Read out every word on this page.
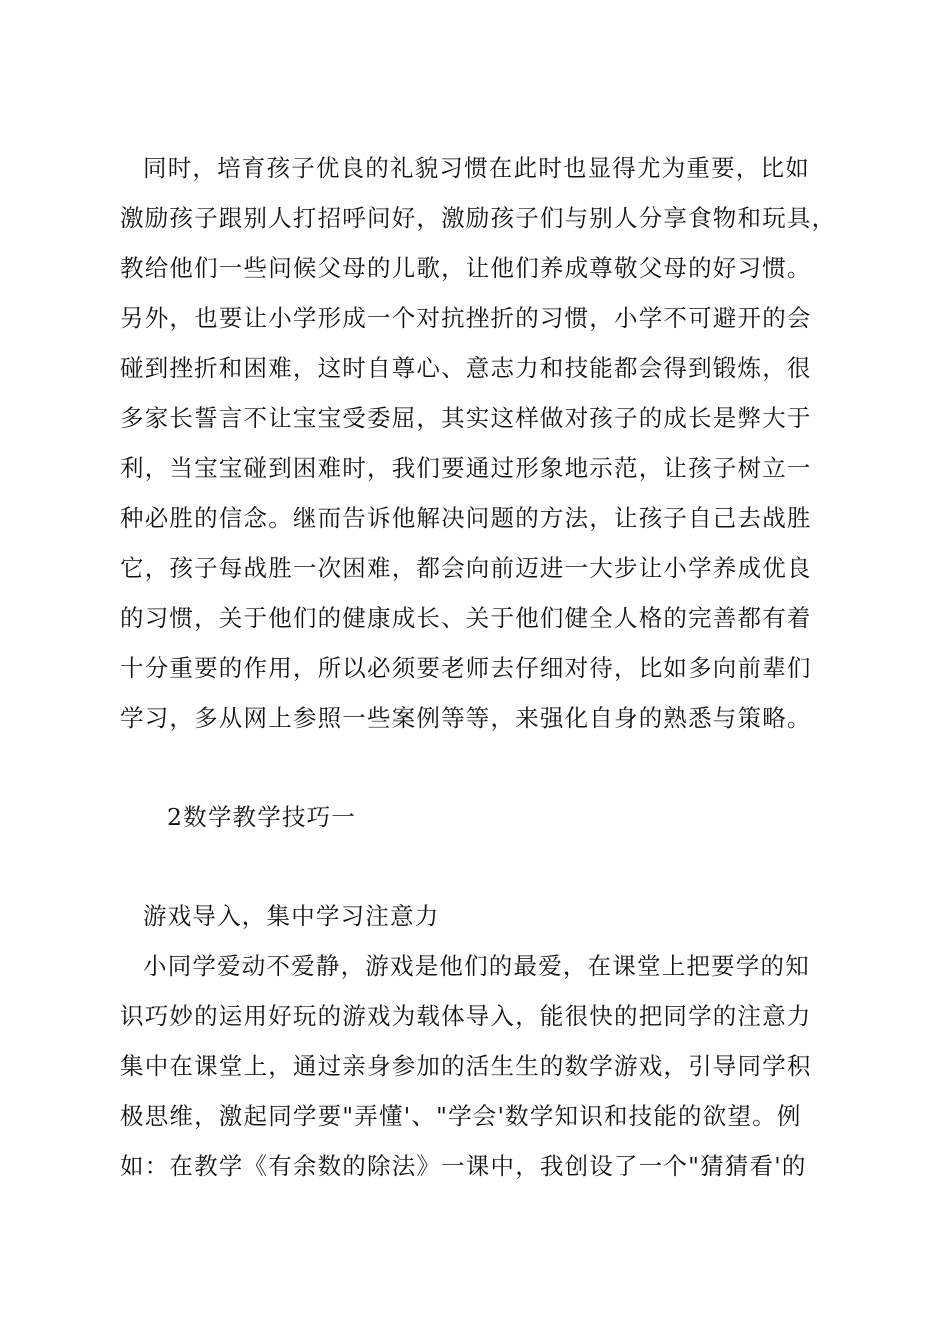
同时，培育孩子优良的礼貌习惯在此时也显得尤为重要，比如
激励孩子跟别人打招呼问好，激励孩子们与别人分享食物和玩具，
教给他们一些问候父母的儿歌，让他们养成尊敬父母的好习惯。
另外，也要让小学形成一个对抗挫折的习惯，小学不可避开的会
碰到挫折和困难，这时自尊心、意志力和技能都会得到锻炼，很
多家长誓言不让宝宝受委屈，其实这样做对孩子的成长是弊大于
利，当宝宝碰到困难时，我们要通过形象地示范，让孩子树立一
种必胜的信念。继而告诉他解决问题的方法，让孩子自己去战胜
它，孩子每战胜一次困难，都会向前迈进一大步让小学养成优良
的习惯，关于他们的健康成长、关于他们健全人格的完善都有着
十分重要的作用，所以必须要老师去仔细对待，比如多向前辈们
学习，多从网上参照一些案例等等，来强化自身的熟悉与策略。
2数学教学技巧一
游戏导入，集中学习注意力
小同学爱动不爱静，游戏是他们的最爱，在课堂上把要学的知
识巧妙的运用好玩的游戏为载体导入，能很快的把同学的注意力
集中在课堂上，通过亲身参加的活生生的数学游戏，引导同学积
极思维，激起同学要"弄懂'、"学会'数学知识和技能的欲望。例
如：在教学《有余数的除法》一课中，我创设了一个"猜猜看'的
